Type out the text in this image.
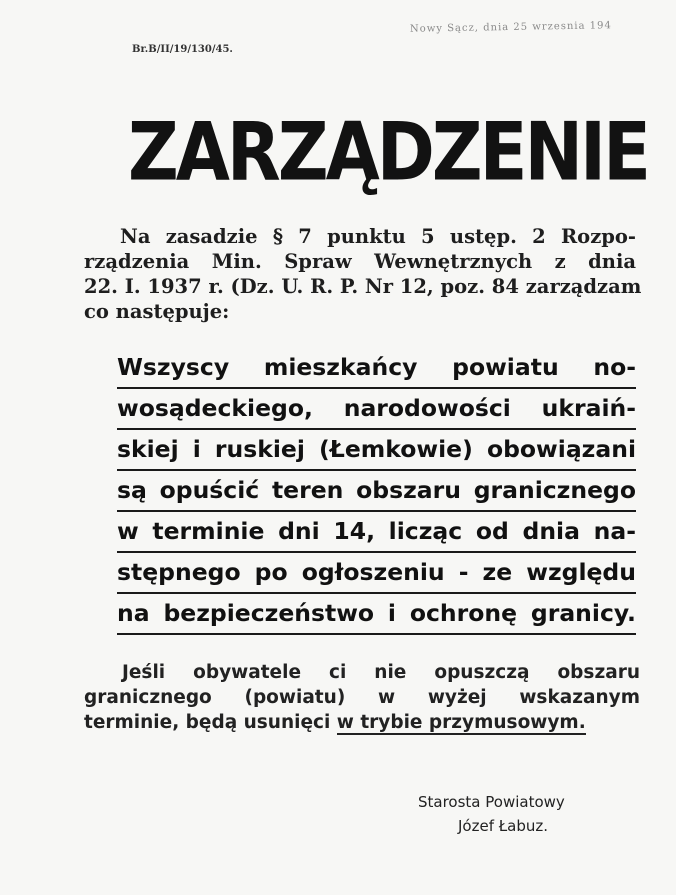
Br.B/II/19/130/45.
Nowy Sącz, dnia 25 wrzesnia 194
ZARZĄDZENIE
Na zasadzie § 7 punktu 5 ustęp. 2 Rozpo-
rządzenia Min. Spraw Wewnętrznych z dnia
22. I. 1937 r. (Dz. U. R. P. Nr 12, poz. 84 zarządzam
co następuje:
Wszyscy mieszkańcy powiatu no-
wosądeckiego, narodowości ukraiń-
skiej i ruskiej (Łemkowie) obowiązani
są opuścić teren obszaru granicznego
w terminie dni 14, licząc od dnia na-
stępnego po ogłoszeniu - ze względu
na bezpieczeństwo i ochronę granicy.
Jeśli obywatele ci nie opuszczą obszaru
granicznego (powiatu) w wyżej wskazanym
terminie, będą usunięci w trybie przymusowym.
Starosta Powiatowy
Józef Łabuz.
